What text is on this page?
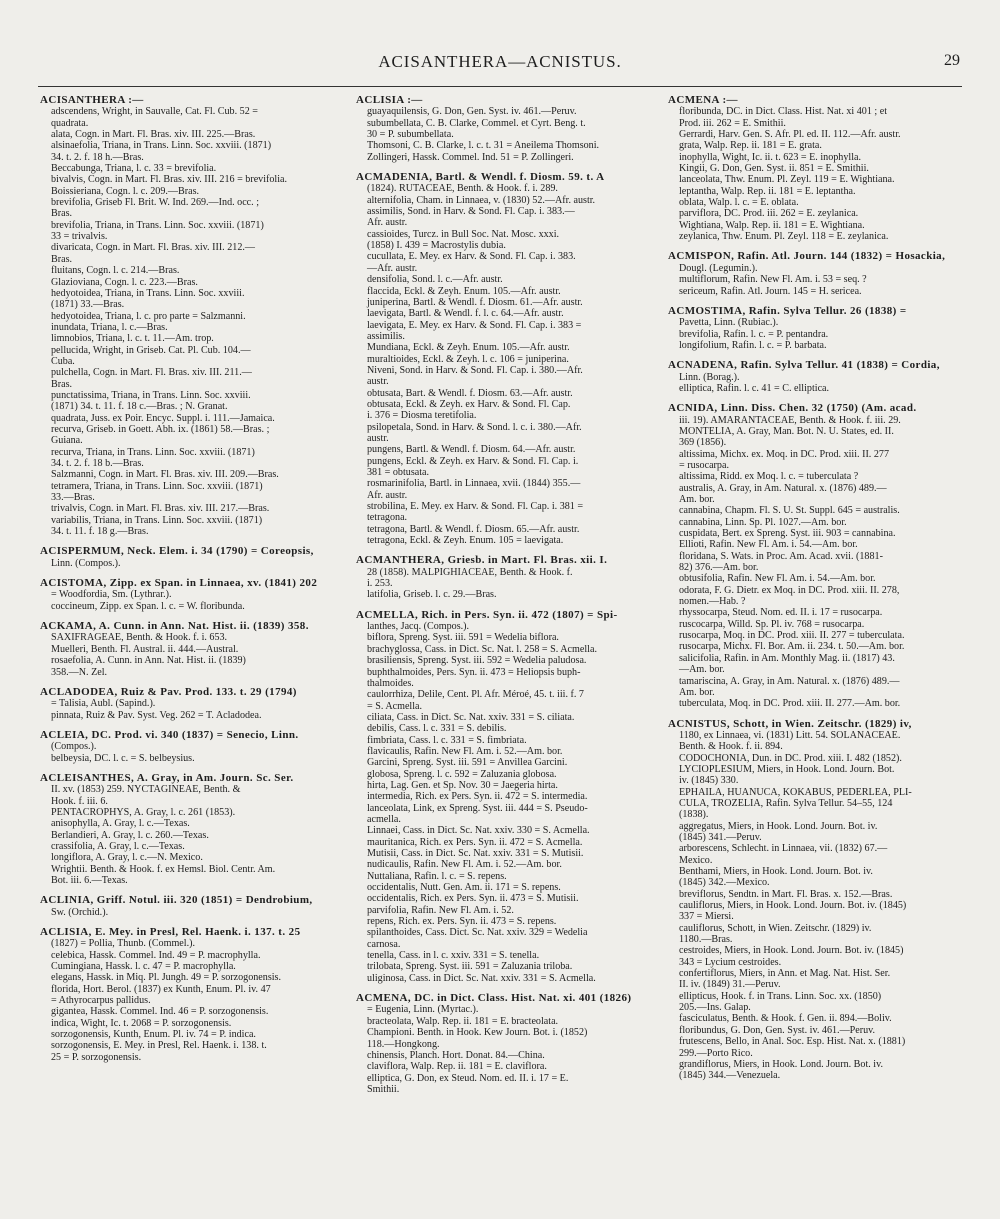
ACISANTHERA—ACNISTUS.	29
ACISANTHERA :—
adscendens, Wright, in Sauvalle, Cat. Fl. Cub. 52 =
quadrata.
alata, Cogn. in Mart. Fl. Bras. xiv. III. 225.—Bras.
alsinaefolia, Triana, in Trans. Linn. Soc. xxviii. (1871)
34. t. 2. f. 18 h.—Bras.
Beccabunga, Triana, l. c. 33 = brevifolia.
bivalvis, Cogn. in Mart. Fl. Bras. xiv. III. 216 = brevifolia.
Boissieriana, Cogn. l. c. 209.—Bras.
brevifolia, Griseb Fl. Brit. W. Ind. 269.—Ind. occ. ;
Bras.
brevifolia, Triana, in Trans. Linn. Soc. xxviii. (1871)
33 = trivalvis.
divaricata, Cogn. in Mart. Fl. Bras. xiv. III. 212.—
Bras.
fluitans, Cogn. l. c. 214.—Bras.
Glazioviana, Cogn. l. c. 223.—Bras.
hedyotoidea, Triana, in Trans. Linn. Soc. xxviii.
(1871) 33.—Bras.
hedyotoidea, Triana, l. c. pro parte = Salzmanni.
inundata, Triana, l. c.—Bras.
limnobios, Triana, l. c. t. 11.—Am. trop.
pellucida, Wright, in Griseb. Cat. Pl. Cub. 104.—
Cuba.
pulchella, Cogn. in Mart. Fl. Bras. xiv. III. 211.—
Bras.
punctatissima, Triana, in Trans. Linn. Soc. xxviii.
(1871) 34. t. 11. f. 18 c.—Bras. ; N. Granat.
quadrata, Juss. ex Poir. Encyc. Suppl. i. 111.—Jamaica.
recurva, Griseb. in Goett. Abh. ix. (1861) 58.—Bras. ;
Guiana.
recurva, Triana, in Trans. Linn. Soc. xxviii. (1871)
34. t. 2. f. 18 b.—Bras.
Salzmanni, Cogn. in Mart. Fl. Bras. xiv. III. 209.—Bras.
tetramera, Triana, in Trans. Linn. Soc. xxviii. (1871)
33.—Bras.
trivalvis, Cogn. in Mart. Fl. Bras. xiv. III. 217.—Bras.
variabilis, Triana, in Trans. Linn. Soc. xxviii. (1871)
34. t. 11. f. 18 g.—Bras.
ACISPERMUM, Neck. Elem. i. 34 (1790) = Coreopsis,
Linn. (Compos.).
ACISTOMA, Zipp. ex Span. in Linnaea, xv. (1841) 202
= Woodfordia, Sm. (Lythrar.).
coccineum, Zipp. ex Span. l. c. = W. floribunda.
ACKAMA, A. Cunn. in Ann. Nat. Hist. ii. (1839) 358.
SAXIFRAGEAE, Benth. & Hook. f. i. 653.
Muelleri, Benth. Fl. Austral. ii. 444.—Austral.
rosaefolia, A. Cunn. in Ann. Nat. Hist. ii. (1839)
358.—N. Zel.
ACLADODEA, Ruiz & Pav. Prod. 133. t. 29 (1794)
= Talisia, Aubl. (Sapind.).
pinnata, Ruiz & Pav. Syst. Veg. 262 = T. Acladodea.
ACLEIA, DC. Prod. vi. 340 (1837) = Senecio, Linn.
(Compos.).
belbeysia, DC. l. c. = S. belbeysius.
ACLEISANTHES, A. Gray, in Am. Journ. Sc. Ser.
II. xv. (1853) 259. NYCTAGINEAE, Benth. &
Hook. f. iii. 6.
PENTACROPHYS, A. Gray, l. c. 261 (1853).
anisophylla, A. Gray, l. c.—Texas.
Berlandieri, A. Gray, l. c. 260.—Texas.
crassifolia, A. Gray, l. c.—Texas.
longiflora, A. Gray, l. c.—N. Mexico.
Wrightii. Benth. & Hook. f. ex Hemsl. Biol. Centr. Am.
Bot. iii. 6.—Texas.
ACLINIA, Griff. Notul. iii. 320 (1851) = Dendrobium,
Sw. (Orchid.).
ACLISIA, E. Mey. in Presl, Rel. Haenk. i. 137. t. 25
(1827) = Pollia, Thunb. (Commel.).
celebica, Hassk. Commel. Ind. 49 = P. macrophylla.
Cumingiana, Hassk. l. c. 47 = P. macrophylla.
elegans, Hassk. in Miq. Pl. Jungh. 49 = P. sorzogonensis.
florida, Hort. Berol. (1837) ex Kunth, Enum. Pl. iv. 47
= Athyrocarpus pallidus.
gigantea, Hassk. Commel. Ind. 46 = P. sorzogonensis.
indica, Wight, Ic. t. 2068 = P. sorzogonensis.
sorzogonensis, Kunth, Enum. Pl. iv. 74 = P. indica.
sorzogonensis, E. Mey. in Presl, Rel. Haenk. i. 138. t.
25 = P. sorzogonensis.
ACLISIA :—
guayaquilensis, G. Don, Gen. Syst. iv. 461.—Peruv.
subumbellata, C. B. Clarke, Commel. et Cyrt. Beng. t.
30 = P. subumbellata.
Thomsoni, C. B. Clarke, l. c. t. 31 = Aneilema Thomsoni.
Zollingeri, Hassk. Commel. Ind. 51 = P. Zollingeri.
ACMADENIA, Bartl. & Wendl. f. Diosm. 59. t. A
(1824). RUTACEAE, Benth. & Hook. f. i. 289.
alternifolia, Cham. in Linnaea, v. (1830) 52.—Afr. austr.
assimilis, Sond. in Harv. & Sond. Fl. Cap. i. 383.—
Afr. austr.
cassioides, Turcz. in Bull Soc. Nat. Mosc. xxxi.
(1858) I. 439 = Macrostylis dubia.
cucullata, E. Mey. ex Harv. & Sond. Fl. Cap. i. 383.
—Afr. austr.
densifolia, Sond. l. c.—Afr. austr.
flaccida, Eckl. & Zeyh. Enum. 105.—Afr. austr.
juniperina, Bartl. & Wendl. f. Diosm. 61.—Afr. austr.
laevigata, Bartl. & Wendl. f. l. c. 64.—Afr. austr.
laevigata, E. Mey. ex Harv. & Sond. Fl. Cap. i. 383 =
assimilis.
Mundiana, Eckl. & Zeyh. Enum. 105.—Afr. austr.
muraltioides, Eckl. & Zeyh. l. c. 106 = juniperina.
Niveni, Sond. in Harv. & Sond. Fl. Cap. i. 380.—Afr.
austr.
obtusata, Bart. & Wendl. f. Diosm. 63.—Afr. austr.
obtusata, Eckl. & Zeyh. ex Harv. & Sond. Fl. Cap.
i. 376 = Diosma teretifolia.
psilopetala, Sond. in Harv. & Sond. l. c. i. 380.—Afr.
austr.
pungens, Bartl. & Wendl. f. Diosm. 64.—Afr. austr.
pungens, Eckl. & Zeyh. ex Harv. & Sond. Fl. Cap. i.
381 = obtusata.
rosmarinifolia, Bartl. in Linnaea, xvii. (1844) 355.—
Afr. austr.
strobilina, E. Mey. ex Harv. & Sond. Fl. Cap. i. 381 =
tetragona.
tetragona, Bartl. & Wendl. f. Diosm. 65.—Afr. austr.
tetragona, Eckl. & Zeyh. Enum. 105 = laevigata.
ACMANTHERA, Griesb. in Mart. Fl. Bras. xii. I.
28 (1858). MALPIGHIACEAE, Benth. & Hook. f.
i. 253.
latifolia, Griseb. l. c. 29.—Bras.
ACMELLA, Rich. in Pers. Syn. ii. 472 (1807) = Spi-
lanthes, Jacq. (Compos.).
biflora, Spreng. Syst. iii. 591 = Wedelia biflora.
brachyglossa, Cass. in Dict. Sc. Nat. l. 258 = S. Acmella.
brasiliensis, Spreng. Syst. iii. 592 = Wedelia paludosa.
buphthalmoides, Pers. Syn. ii. 473 = Heliopsis buph-
thalmoides.
caulorrhiza, Delile, Cent. Pl. Afr. Méroé, 45. t. iii. f. 7
= S. Acmella.
ciliata, Cass. in Dict. Sc. Nat. xxiv. 331 = S. ciliata.
debilis, Cass. l. c. 331 = S. debilis.
fimbriata, Cass. l. c. 331 = S. fimbriata.
flavicaulis, Rafin. New Fl. Am. i. 52.—Am. bor.
Garcini, Spreng. Syst. iii. 591 = Anvillea Garcini.
globosa, Spreng. l. c. 592 = Zaluzania globosa.
hirta, Lag. Gen. et Sp. Nov. 30 = Jaegeria hirta.
intermedia, Rich. ex Pers. Syn. ii. 472 = S. intermedia.
lanceolata, Link, ex Spreng. Syst. iii. 444 = S. Pseudo-
acmella.
Linnaei, Cass. in Dict. Sc. Nat. xxiv. 330 = S. Acmella.
mauritanica, Rich. ex Pers. Syn. ii. 472 = S. Acmella.
Mutisii, Cass. in Dict. Sc. Nat. xxiv. 331 = S. Mutisii.
nudicaulis, Rafin. New Fl. Am. i. 52.—Am. bor.
Nuttaliana, Rafin. l. c. = S. repens.
occidentalis, Nutt. Gen. Am. ii. 171 = S. repens.
occidentalis, Rich. ex Pers. Syn. ii. 473 = S. Mutisii.
parvifolia, Rafin. New Fl. Am. i. 52.
repens, Rich. ex. Pers. Syn. ii. 473 = S. repens.
spilanthoides, Cass. Dict. Sc. Nat. xxiv. 329 = Wedelia
carnosa.
tenella, Cass. in l. c. xxiv. 331 = S. tenella.
trilobata, Spreng. Syst. iii. 591 = Zaluzania triloba.
uliginosa, Cass. in Dict. Sc. Nat. xxiv. 331 = S. Acmella.
ACMENA, DC. in Dict. Class. Hist. Nat. xi. 401 (1826)
= Eugenia, Linn. (Myrtac.).
bracteolata, Walp. Rep. ii. 181 = E. bracteolata.
Championi. Benth. in Hook. Kew Journ. Bot. i. (1852)
118.—Hongkong.
chinensis, Planch. Hort. Donat. 84.—China.
claviflora, Walp. Rep. ii. 181 = E. claviflora.
elliptica, G. Don, ex Steud. Nom. ed. II. i. 17 = E.
Smithii.
ACMENA :—
floribunda, DC. in Dict. Class. Hist. Nat. xi 401 ; et
Prod. iii. 262 = E. Smithii.
Gerrardi, Harv. Gen. S. Afr. Pl. ed. II. 112.—Afr. austr.
grata, Walp. Rep. ii. 181 = E. grata.
inophylla, Wight, Ic. ii. t. 623 = E. inophylla.
Kingii, G. Don, Gen. Syst. ii. 851 = E. Smithii.
lanceolata, Thw. Enum. Pl. Zeyl. 119 = E. Wightiana.
leptantha, Walp. Rep. ii. 181 = E. leptantha.
oblata, Walp. l. c. = E. oblata.
parviflora, DC. Prod. iii. 262 = E. zeylanica.
Wightiana, Walp. Rep. ii. 181 = E. Wightiana.
zeylanica, Thw. Enum. Pl. Zeyl. 118 = E. zeylanica.
ACMISPON, Rafin. Atl. Journ. 144 (1832) = Hosackia,
Dougl. (Legumin.).
multiflorum, Rafin. New Fl. Am. i. 53 = seq. ?
sericeum, Rafin. Atl. Journ. 145 = H. sericea.
ACMOSTIMA, Rafin. Sylva Tellur. 26 (1838) =
Pavetta, Linn. (Rubiac.).
brevifolia, Rafin. l. c. = P. pentandra.
longifolium, Rafin. l. c. = P. barbata.
ACNADENA, Rafin. Sylva Tellur. 41 (1838) = Cordia,
Linn. (Borag.).
elliptica, Rafin. l. c. 41 = C. elliptica.
ACNIDA, Linn. Diss. Chen. 32 (1750) (Am. acad.
iii. 19). AMARANTACEAE, Benth. & Hook. f. iii. 29.
MONTELIA, A. Gray, Man. Bot. N. U. States, ed. II.
369 (1856).
altissima, Michx. ex. Moq. in DC. Prod. xiii. II. 277
= rusocarpa.
altissima, Ridd. ex Moq. l. c. = tuberculata ?
australis, A. Gray, in Am. Natural. x. (1876) 489.—
Am. bor.
cannabina, Chapm. Fl. S. U. St. Suppl. 645 = australis.
cannabina, Linn. Sp. Pl. 1027.—Am. bor.
cuspidata, Bert. ex Spreng. Syst. iii. 903 = cannabina.
Ellioti, Rafin. New Fl. Am. i. 54.—Am. bor.
floridana, S. Wats. in Proc. Am. Acad. xvii. (1881-
82) 376.—Am. bor.
obtusifolia, Rafin. New Fl. Am. i. 54.—Am. bor.
odorata, F. G. Dietr. ex Moq. in DC. Prod. xiii. II. 278,
nomen.—Hab. ?
rhyssocarpa, Steud. Nom. ed. II. i. 17 = rusocarpa.
ruscocarpa, Willd. Sp. Pl. iv. 768 = rusocarpa.
rusocarpa, Moq. in DC. Prod. xiii. II. 277 = tuberculata.
rusocarpa, Michx. Fl. Bor. Am. ii. 234. t. 50.—Am. bor.
salicifolia, Rafin. in Am. Monthly Mag. ii. (1817) 43.
—Am. bor.
tamariscina, A. Gray, in Am. Natural. x. (1876) 489.—
Am. bor.
tuberculata, Moq. in DC. Prod. xiii. II. 277.—Am. bor.
ACNISTUS, Schott, in Wien. Zeitschr. (1829) iv,
1180, ex Linnaea, vi. (1831) Litt. 54. SOLANACEAE.
Benth. & Hook. f. ii. 894.
CODOCHONIA, Dun. in DC. Prod. xiii. I. 482 (1852).
LYCIOPLESIUM, Miers, in Hook. Lond. Journ. Bot.
iv. (1845) 330.
EPHAILA, HUANUCA, KOKABUS, PEDERLEA, PLI-
CULA, TROZELIA, Rafin. Sylva Tellur. 54–55, 124
(1838).
aggregatus, Miers, in Hook. Lond. Journ. Bot. iv.
(1845) 341.—Peruv.
arborescens, Schlecht. in Linnaea, vii. (1832) 67.—
Mexico.
Benthami, Miers, in Hook. Lond. Journ. Bot. iv.
(1845) 342.—Mexico.
breviflorus, Sendtn. in Mart. Fl. Bras. x. 152.—Bras.
cauliflorus, Miers, in Hook. Lond. Journ. Bot. iv. (1845)
337 = Miersi.
cauliflorus, Schott, in Wien. Zeitschr. (1829) iv.
1180.—Bras.
cestroides, Miers, in Hook. Lond. Journ. Bot. iv. (1845)
343 = Lycium cestroides.
confertiflorus, Miers, in Ann. et Mag. Nat. Hist. Ser.
II. iv. (1849) 31.—Peruv.
ellipticus, Hook. f. in Trans. Linn. Soc. xx. (1850)
205.—Ins. Galap.
fasciculatus, Benth. & Hook. f. Gen. ii. 894.—Boliv.
floribundus, G. Don, Gen. Syst. iv. 461.—Peruv.
frutescens, Bello, in Anal. Soc. Esp. Hist. Nat. x. (1881)
299.—Porto Rico.
grandiflorus, Miers, in Hook. Lond. Journ. Bot. iv.
(1845) 344.—Venezuela.
